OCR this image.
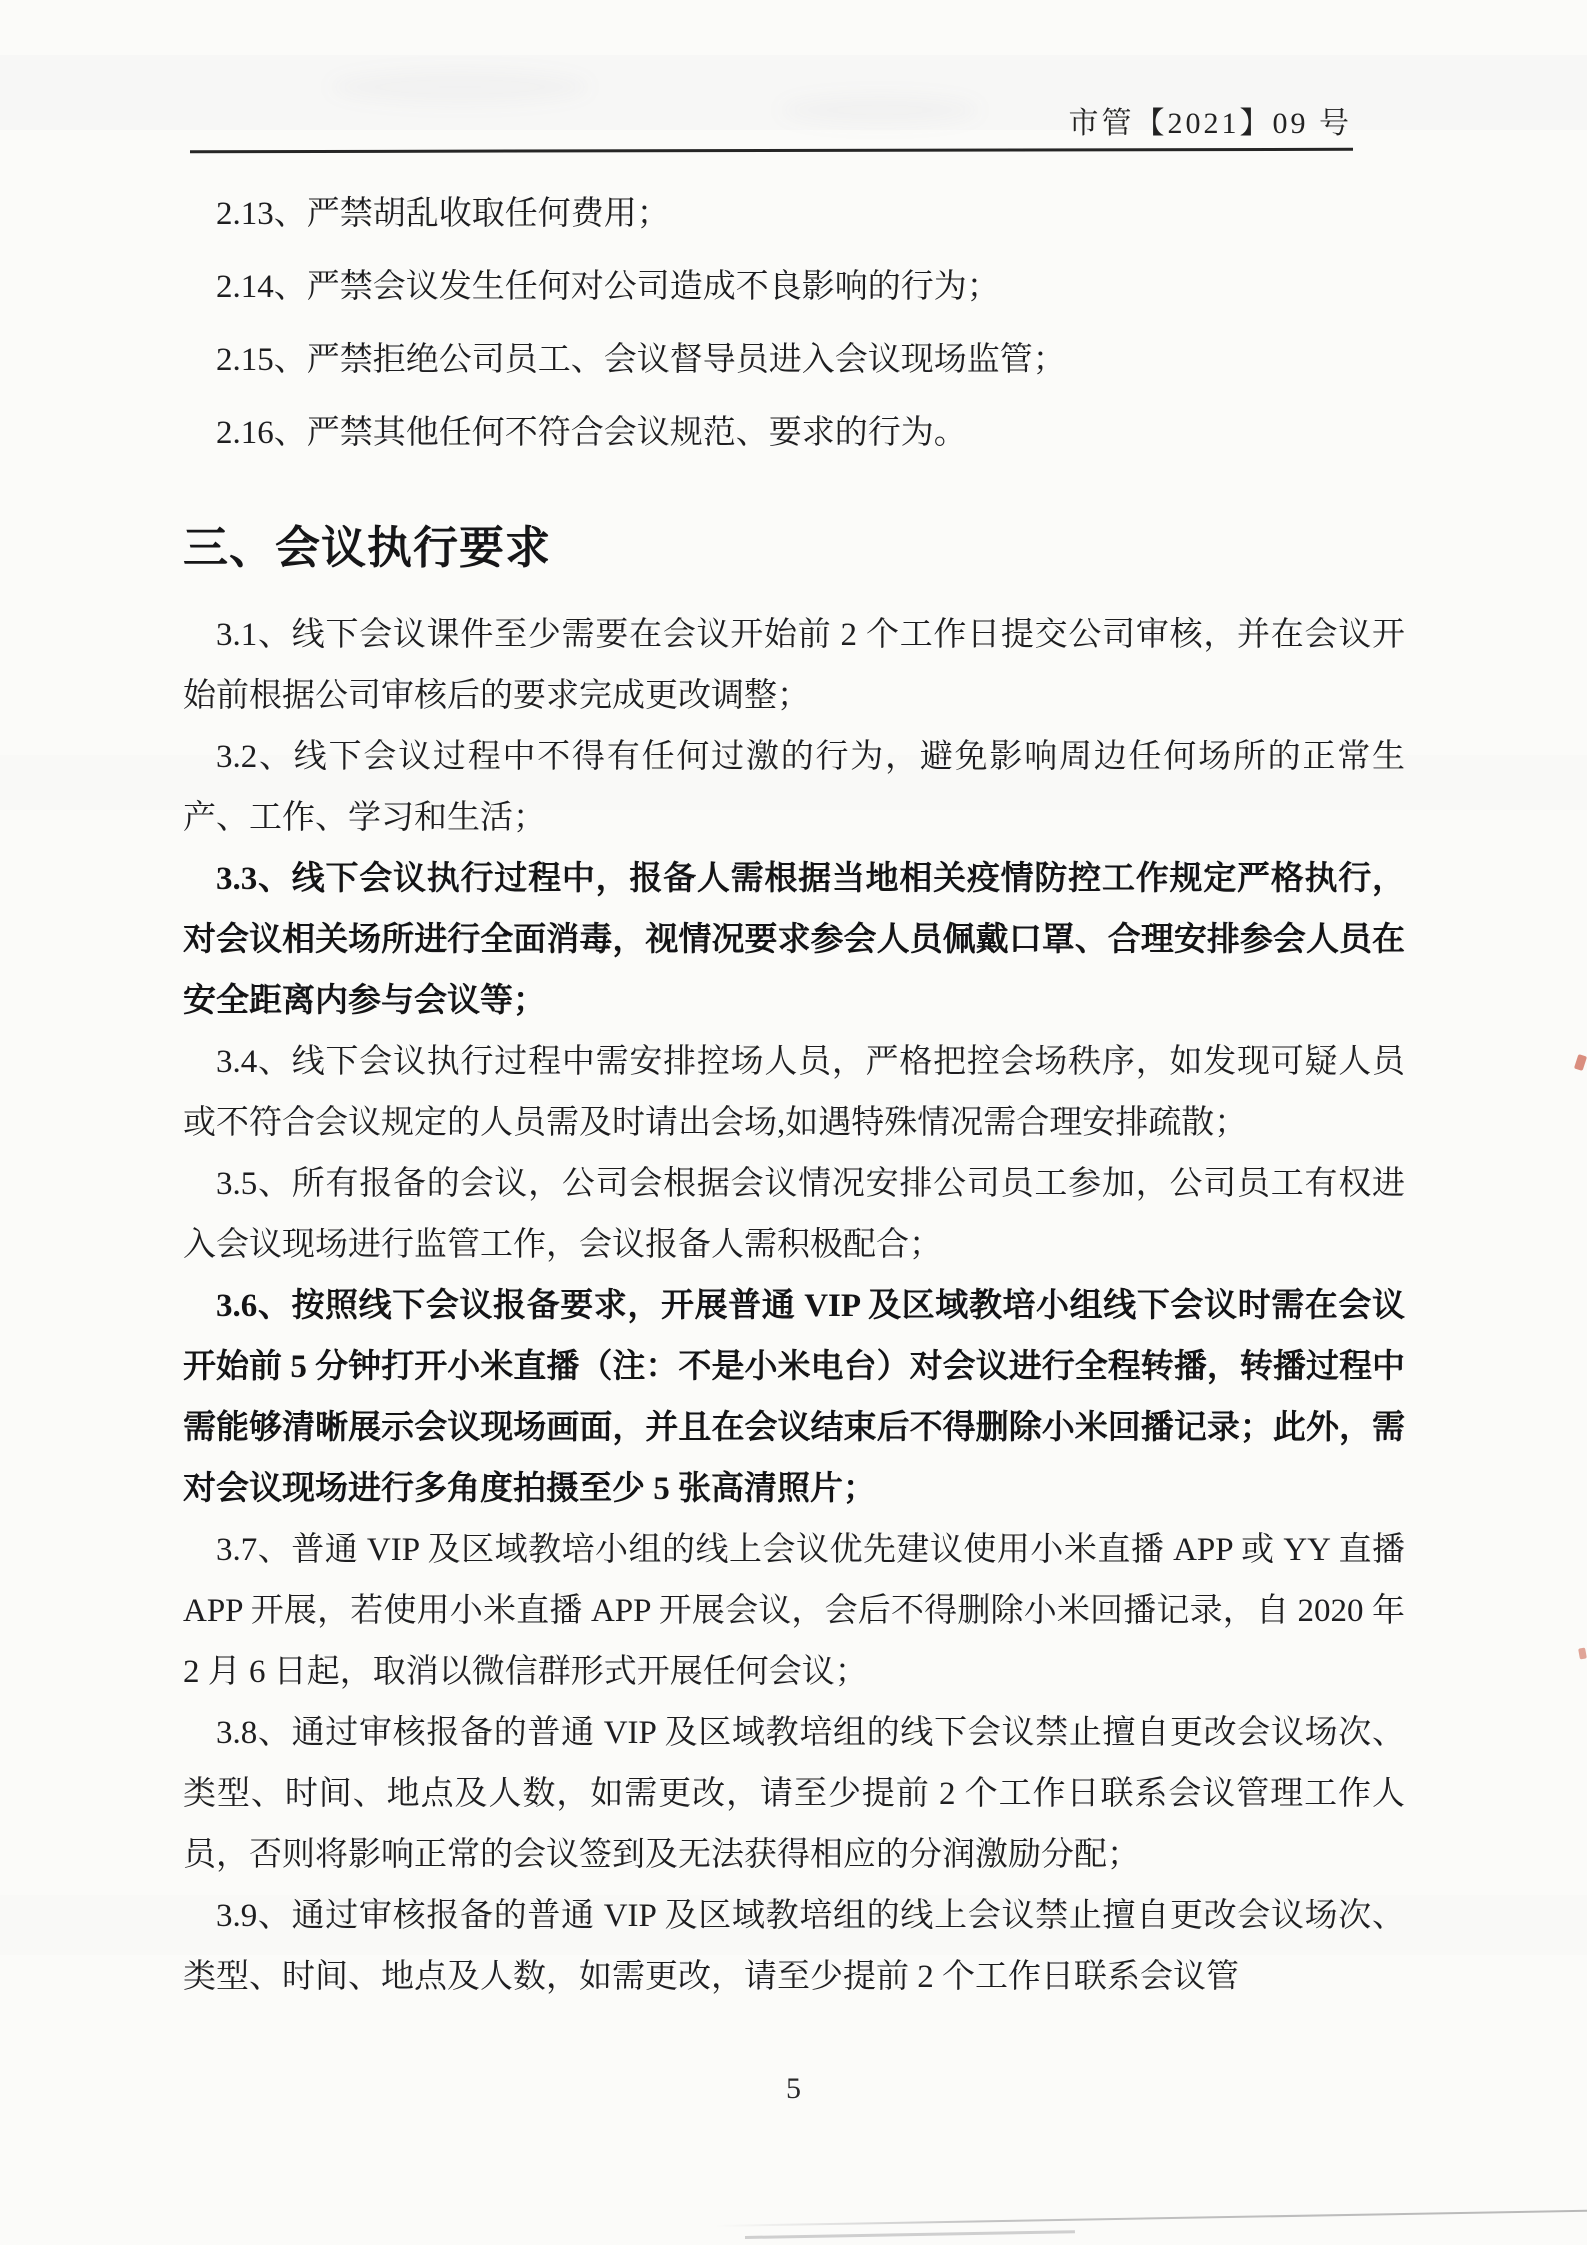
市管【2021】09 号

2.13、严禁胡乱收取任何费用；

2.14、严禁会议发生任何对公司造成不良影响的行为；

2.15、严禁拒绝公司员工、会议督导员进入会议现场监管；

2.16、严禁其他任何不符合会议规范、要求的行为。

三、会议执行要求

3.1、线下会议课件至少需要在会议开始前 2 个工作日提交公司审核，并在会议开始前根据公司审核后的要求完成更改调整；

3.2、线下会议过程中不得有任何过激的行为，避免影响周边任何场所的正常生产、工作、学习和生活；

3.3、线下会议执行过程中，报备人需根据当地相关疫情防控工作规定严格执行，对会议相关场所进行全面消毒，视情况要求参会人员佩戴口罩、合理安排参会人员在安全距离内参与会议等；

3.4、线下会议执行过程中需安排控场人员，严格把控会场秩序，如发现可疑人员或不符合会议规定的人员需及时请出会场,如遇特殊情况需合理安排疏散；

3.5、所有报备的会议，公司会根据会议情况安排公司员工参加，公司员工有权进入会议现场进行监管工作，会议报备人需积极配合；

3.6、按照线下会议报备要求，开展普通 VIP 及区域教培小组线下会议时需在会议开始前 5 分钟打开小米直播（注：不是小米电台）对会议进行全程转播，转播过程中需能够清晰展示会议现场画面，并且在会议结束后不得删除小米回播记录；此外，需对会议现场进行多角度拍摄至少 5 张高清照片；

3.7、普通 VIP 及区域教培小组的线上会议优先建议使用小米直播 APP 或 YY 直播 APP 开展，若使用小米直播 APP 开展会议，会后不得删除小米回播记录，自 2020 年 2 月 6 日起，取消以微信群形式开展任何会议；

3.8、通过审核报备的普通 VIP 及区域教培组的线下会议禁止擅自更改会议场次、类型、时间、地点及人数，如需更改，请至少提前 2 个工作日联系会议管理工作人员，否则将影响正常的会议签到及无法获得相应的分润激励分配；

3.9、通过审核报备的普通 VIP 及区域教培组的线上会议禁止擅自更改会议场次、类型、时间、地点及人数，如需更改，请至少提前 2 个工作日联系会议管

5
